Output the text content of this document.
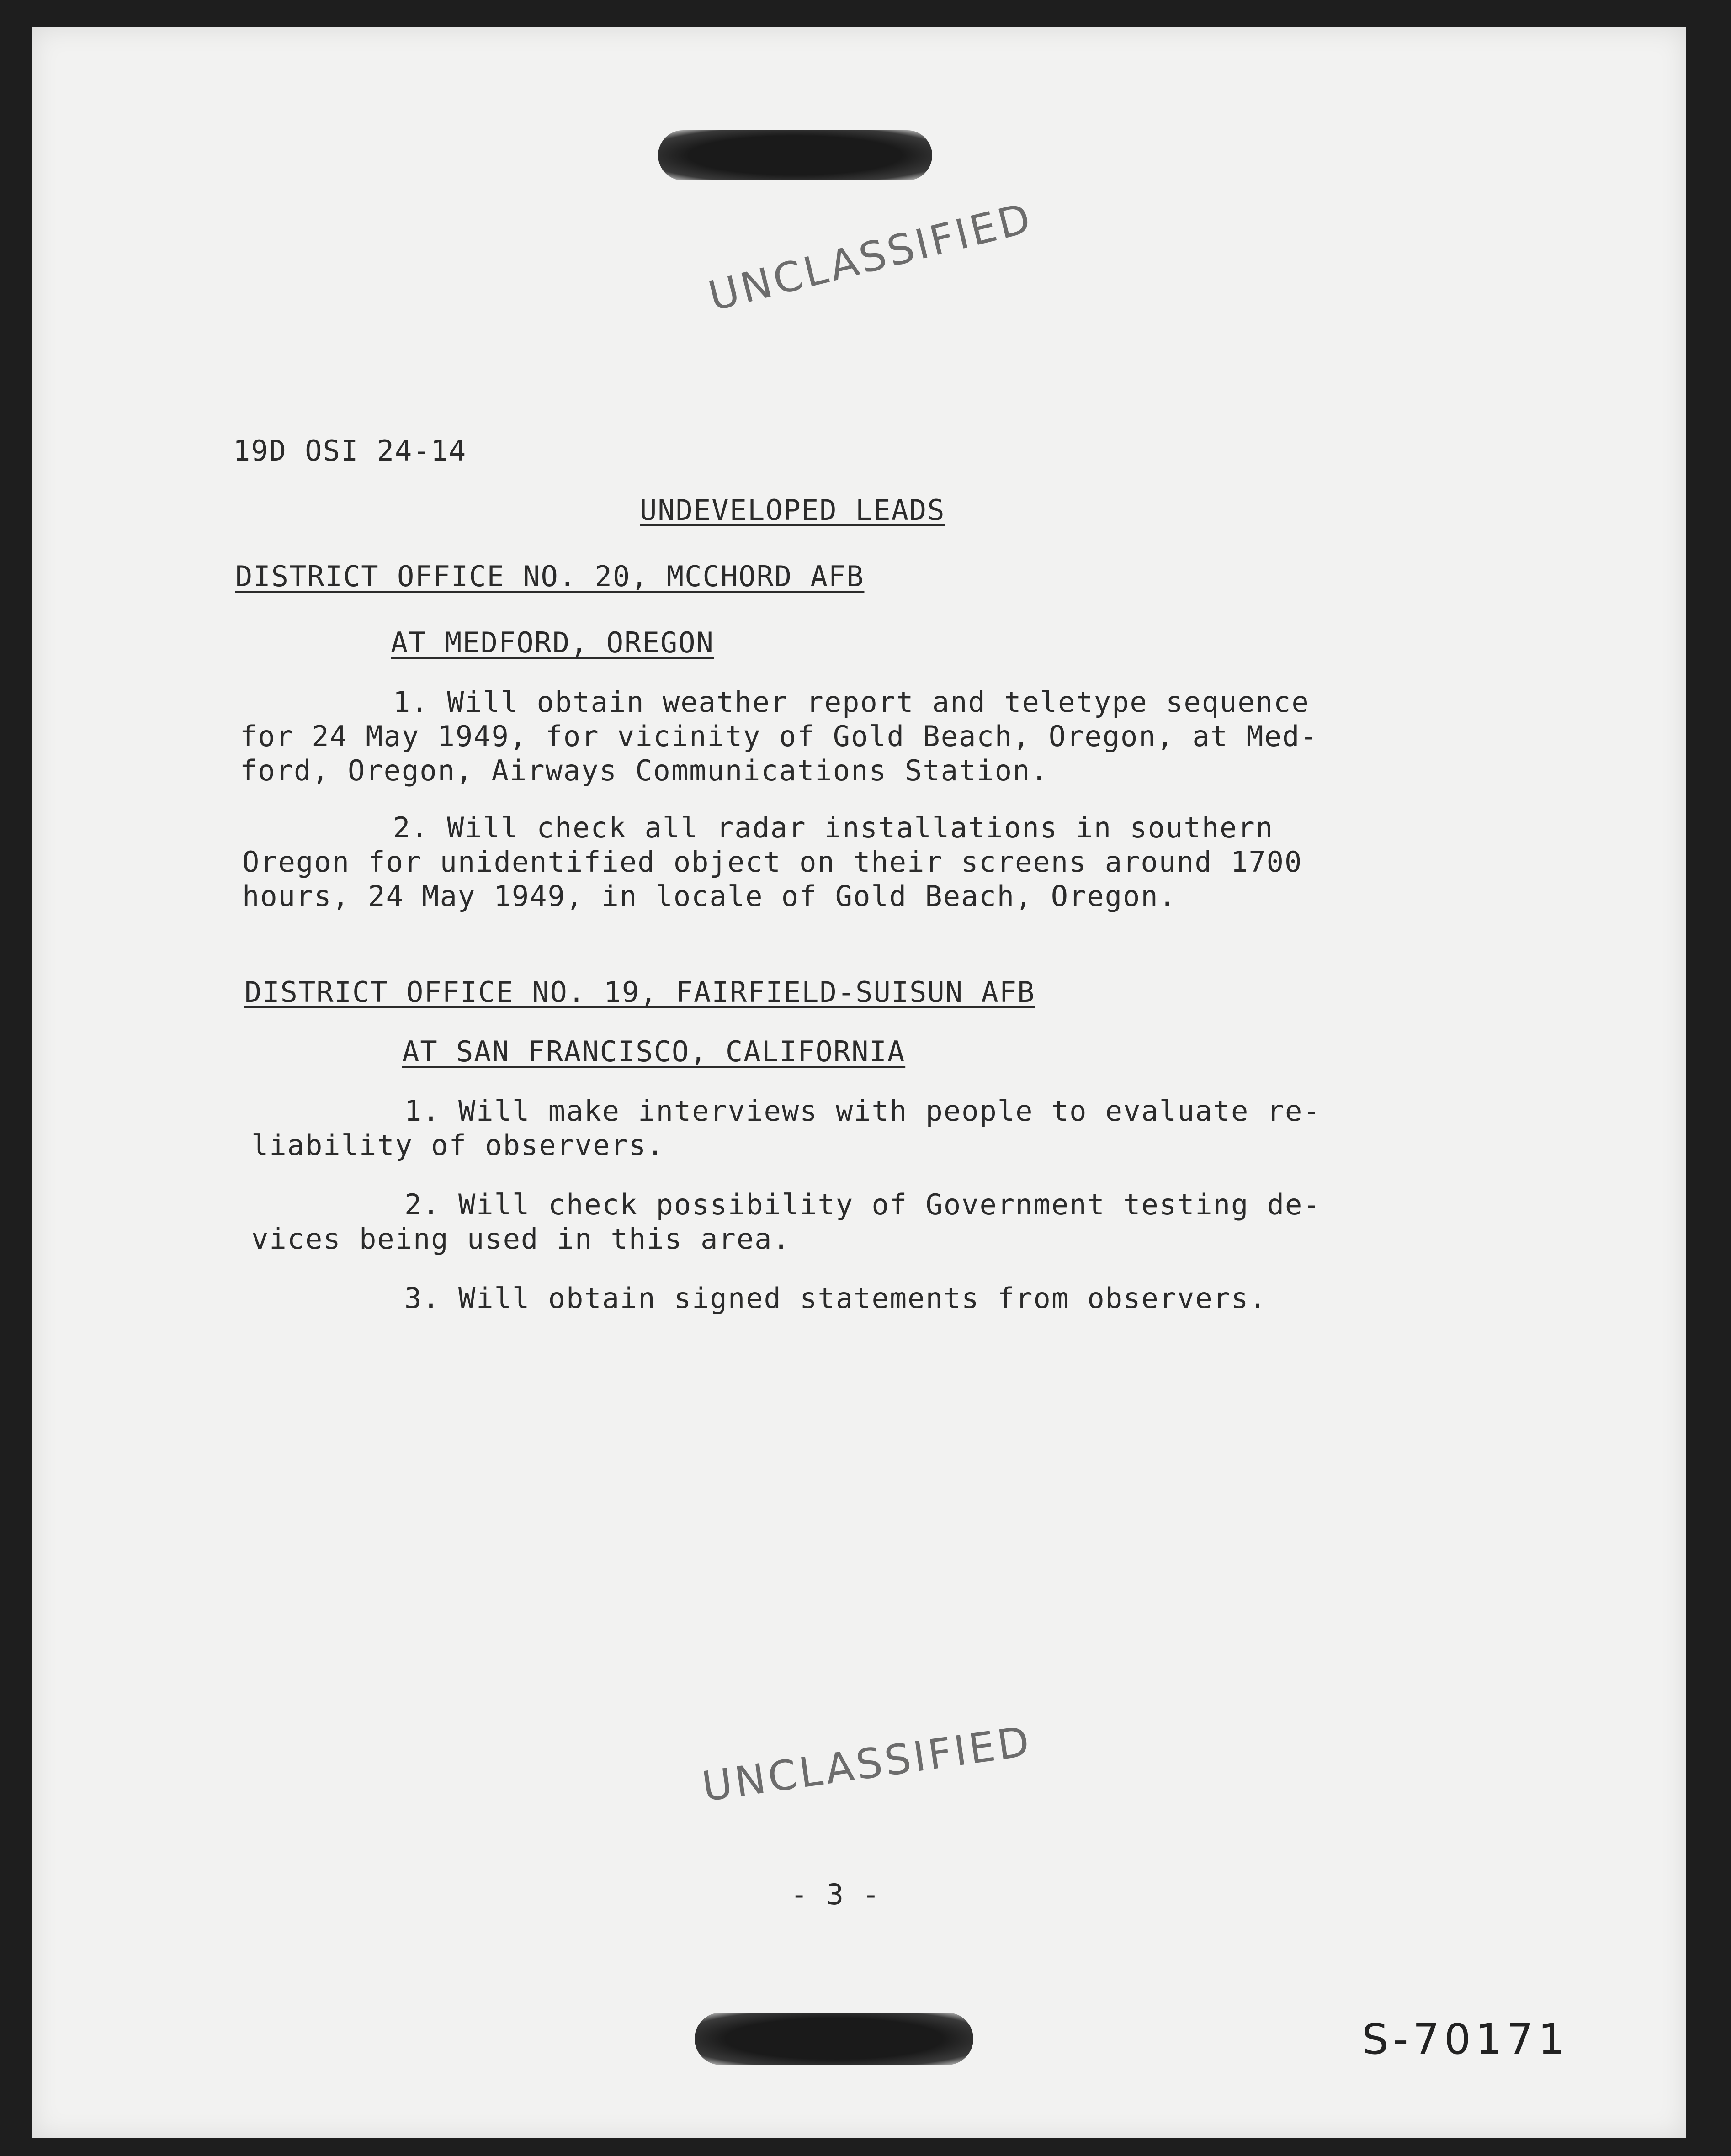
UNCLASSIFIED
19D OSI 24-14
UNDEVELOPED LEADS
DISTRICT OFFICE NO. 20, MCCHORD AFB
AT MEDFORD, OREGON
1. Will obtain weather report and teletype sequence
for 24 May 1949, for vicinity of Gold Beach, Oregon, at Med-
ford, Oregon, Airways Communications Station.
2. Will check all radar installations in southern
Oregon for unidentified object on their screens around 1700
hours, 24 May 1949, in locale of Gold Beach, Oregon.
DISTRICT OFFICE NO. 19, FAIRFIELD-SUISUN AFB
AT SAN FRANCISCO, CALIFORNIA
1. Will make interviews with people to evaluate re-
liability of observers.
2. Will check possibility of Government testing de-
vices being used in this area.
3. Will obtain signed statements from observers.
UNCLASSIFIED
- 3 -
S-70171
